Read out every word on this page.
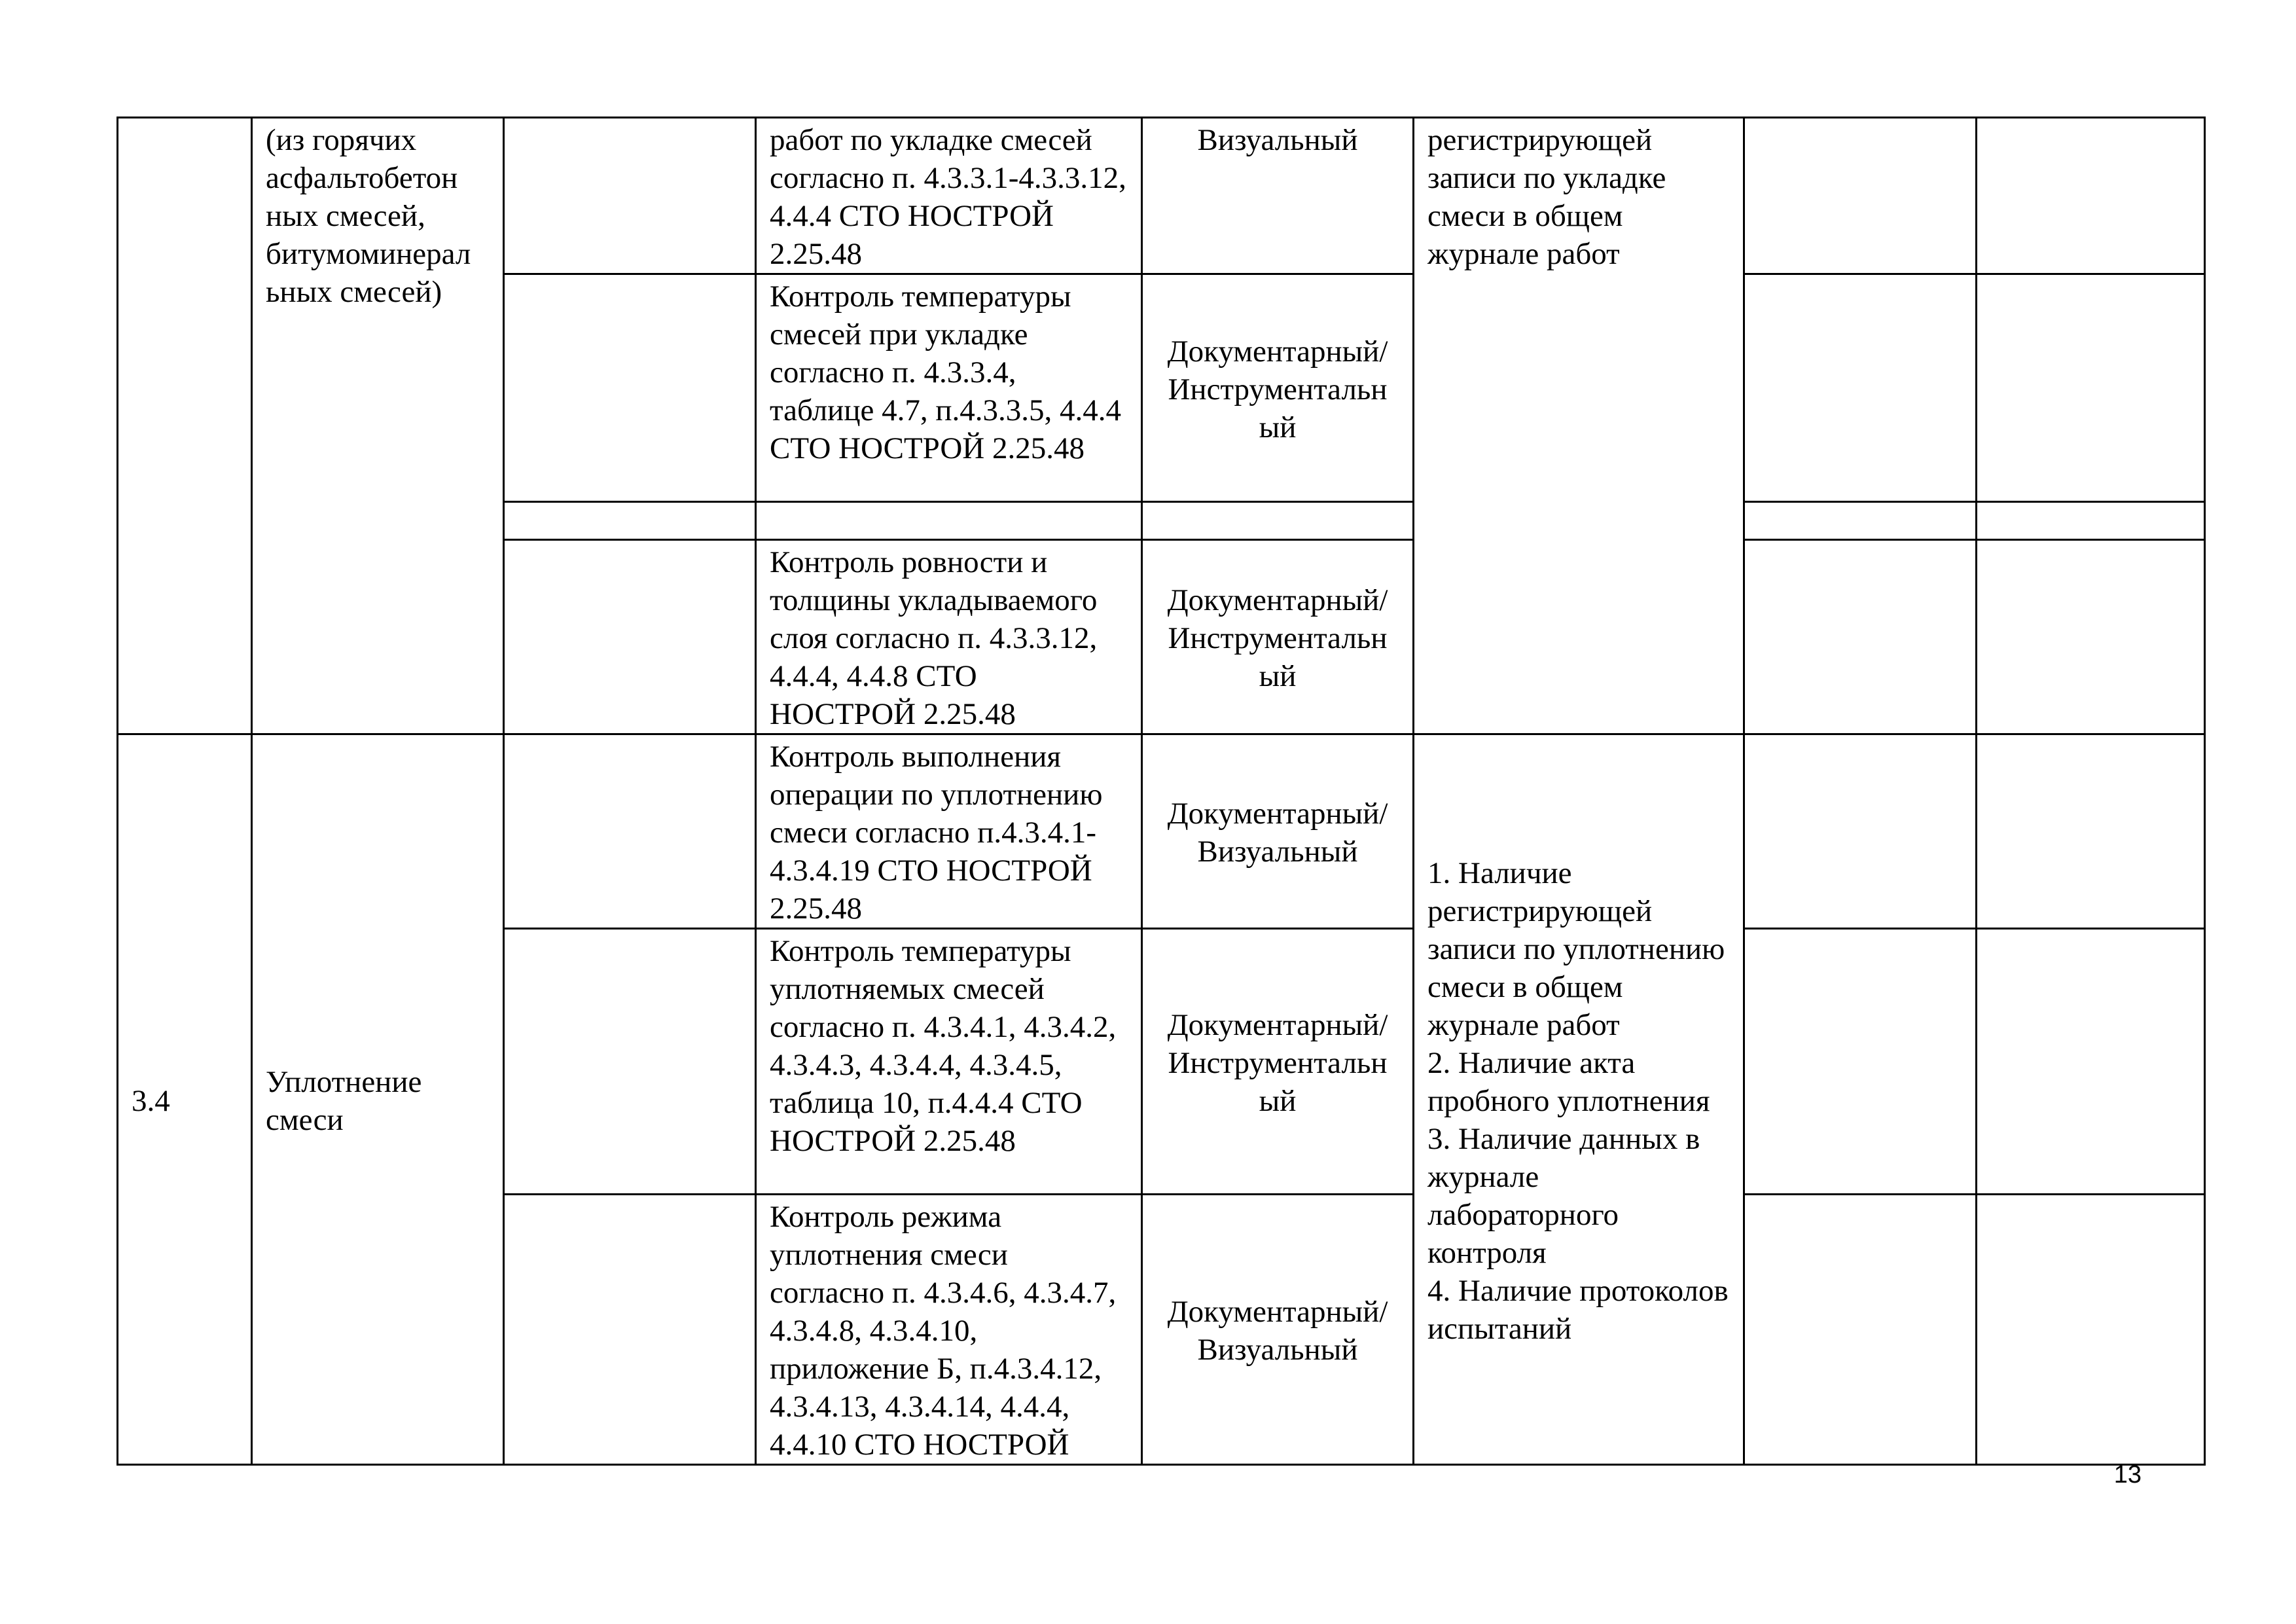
	(из горячих асфальтобетон ных смесей, битумоминерал ьных смесей)		работ по укладке смесей согласно п. 4.3.3.1-4.3.3.12, 4.4.4 СТО НОСТРОЙ 2.25.48	Визуальный	регистрирующей записи по укладке смеси в общем журнале работ		
			Контроль температуры смесей при укладке согласно п. 4.3.3.4, таблице 4.7, п.4.3.3.5, 4.4.4 СТО НОСТРОЙ 2.25.48	Документарный/ Инструментальн ый			

			Контроль ровности и толщины укладываемого слоя согласно п. 4.3.3.12, 4.4.4, 4.4.8 СТО НОСТРОЙ 2.25.48	Документарный/ Инструментальн ый			
3.4	Уплотнение смеси		Контроль выполнения операции по уплотнению смеси согласно п.4.3.4.1-4.3.4.19 СТО НОСТРОЙ 2.25.48	Документарный/ Визуальный	1. Наличие регистрирующей записи по уплотнению смеси в общем журнале работ
2. Наличие акта пробного уплотнения
3. Наличие данных в журнале лабораторного контроля
4. Наличие протоколов испытаний		

			Контроль температуры уплотняемых смесей согласно п. 4.3.4.1, 4.3.4.2, 4.3.4.3, 4.3.4.4, 4.3.4.5, таблица 10, п.4.4.4 СТО НОСТРОЙ 2.25.48	Документарный/ Инструментальн ый			
			Контроль режима уплотнения смеси согласно п. 4.3.4.6, 4.3.4.7, 4.3.4.8, 4.3.4.10, приложение Б, п.4.3.4.12, 4.3.4.13, 4.3.4.14, 4.4.4, 4.4.10 СТО НОСТРОЙ	Документарный/ Визуальный			
13
